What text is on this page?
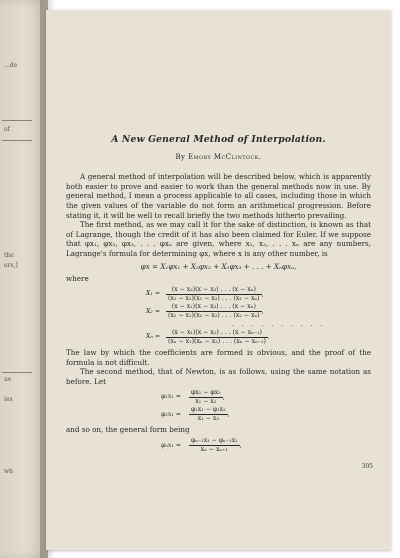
...de
of
the
ers,]
ue
ies
wh
A New General Method of Interpolation.
By Emory McClintock.

A general method of interpolation will be described below, which is apparently both easier to prove and easier to work than the general methods now in use. By general method, I mean a process applicable to all cases, including those in which the given values of the variable do not form an arithmetical progression. Before stating it, it will be well to recall briefly the two methods hitherto prevailing.

The first method, as we may call it for the sake of distinction, is known as that of Lagrange, though the credit of it has also been claimed for Euler. If we suppose that φx₁, φx₂, φx₃, . . . φxₙ are given, where x₁, x₂, . . . xₙ are any numbers, Lagrange's formula for determining φx, where x is any other number, is

φx = X₁φx₁ + X₂φx₂ + X₃φx₃ + . . . + Xₙφxₙ,
where
$X_1 = \frac{\text{(x − x₂)(x − x₃) . . . (x − xₙ)}}{\text{(x₁ − x₂)(x₁ − x₃) . . . (x₁ − xₙ)}}$ ,
$X_2 = \frac{\text{(x − x₁)(x − x₃) . . . (x − xₙ)}}{\text{(x₂ − x₁)(x₂ − x₃) . . . (x₂ − xₙ)}}$ ,
. . . . . . . . . .
$X_n = \frac{\text{(x − x₁)(x − x₂) . . . (x − xₙ₋₁)}}{\text{(xₙ − x₁)(xₙ − x₂) . . . (xₙ − xₙ₋₁)}}$ .

The law by which the coefficients are formed is obvious, and the proof of the formula is not difficult.

The second method, that of Newton, is as follows, using the same notation as before. Let

$\varphi_1x_1 = \frac{\text{φx₁ − φx₂}}{\text{x₁ − x₂}}$ ,
$\varphi_2x_1 = \frac{\text{φ₁x₁ − φ₁x₂}}{\text{x₁ − x₃}}$ ,

and so on, the general form being

$\varphi_nx_1 = \frac{\text{φₙ₋₁x₁ − φₙ₋₁x₂}}{\text{xₙ − xₙ₊₁}}$ ,
305
